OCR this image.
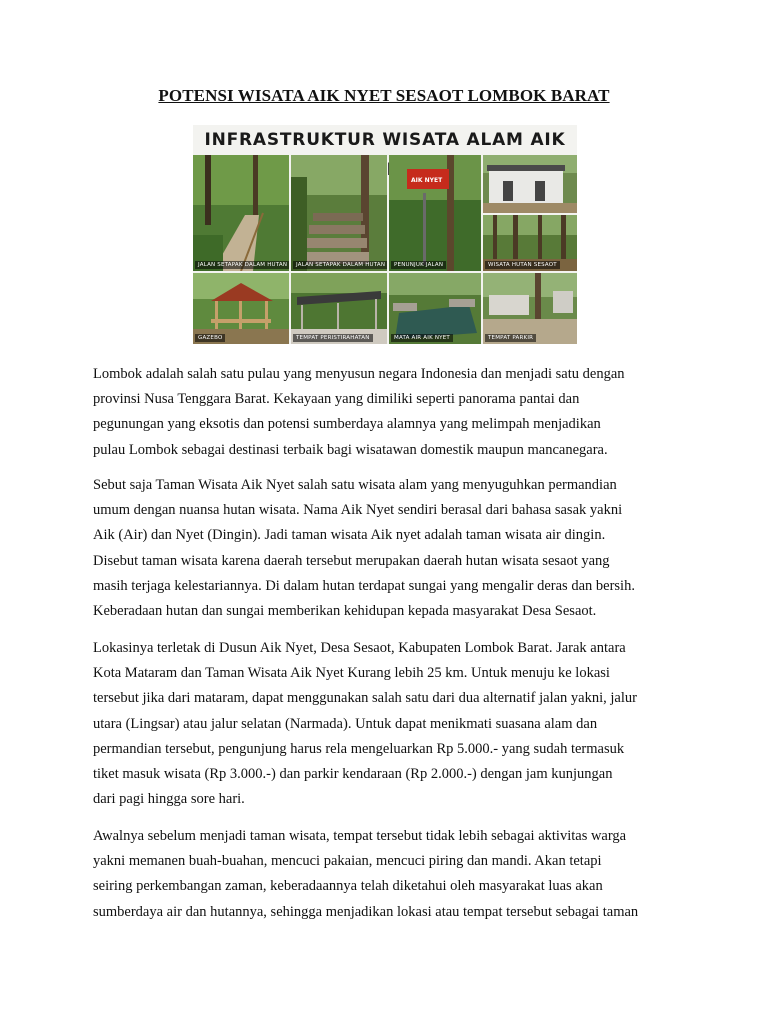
POTENSI WISATA AIK NYET SESAOT LOMBOK BARAT
INFRASTRUKTUR WISATA ALAM AIK
JALAN SETAPAK DALAM HUTAN	JALAN SETAPAK DALAM HUTAN
AIK NYET
PENUNJUK JALAN	WISATA HUTAN SESAOT
GAZEBO	TEMPAT PERISTIRAHATAN	MATA AIR AIK NYET	TEMPAT PARKIR
Lombok adalah salah satu pulau yang menyusun negara Indonesia dan menjadi satu dengan
provinsi Nusa Tenggara Barat. Kekayaan yang dimiliki seperti panorama pantai dan
pegunungan yang eksotis dan potensi sumberdaya alamnya yang melimpah menjadikan
pulau Lombok sebagai destinasi terbaik bagi wisatawan domestik maupun mancanegara.
Sebut saja Taman Wisata Aik Nyet salah satu wisata alam yang menyuguhkan permandian
umum dengan nuansa hutan wisata. Nama Aik Nyet sendiri berasal dari bahasa sasak yakni
Aik (Air) dan Nyet (Dingin). Jadi taman wisata Aik nyet adalah taman wisata air dingin.
Disebut taman wisata karena daerah tersebut merupakan daerah hutan wisata sesaot yang
masih terjaga kelestariannya. Di dalam hutan terdapat sungai yang mengalir deras dan bersih.
Keberadaan hutan dan sungai memberikan kehidupan kepada masyarakat Desa Sesaot.
Lokasinya terletak di Dusun Aik Nyet, Desa Sesaot, Kabupaten Lombok Barat. Jarak antara
Kota Mataram dan Taman Wisata Aik Nyet Kurang lebih 25 km. Untuk menuju ke lokasi
tersebut jika dari mataram, dapat menggunakan salah satu dari dua alternatif jalan yakni, jalur
utara (Lingsar) atau jalur selatan (Narmada). Untuk dapat menikmati suasana alam dan
permandian tersebut, pengunjung harus rela mengeluarkan Rp 5.000.- yang sudah termasuk
tiket masuk wisata (Rp 3.000.-) dan parkir kendaraan (Rp 2.000.-) dengan jam kunjungan
dari pagi hingga sore hari.
Awalnya sebelum menjadi taman wisata, tempat tersebut tidak lebih sebagai aktivitas warga
yakni memanen buah-buahan, mencuci pakaian, mencuci piring dan mandi. Akan tetapi
seiring perkembangan zaman, keberadaannya telah diketahui oleh masyarakat luas akan
sumberdaya air dan hutannya, sehingga menjadikan lokasi atau tempat tersebut sebagai taman
